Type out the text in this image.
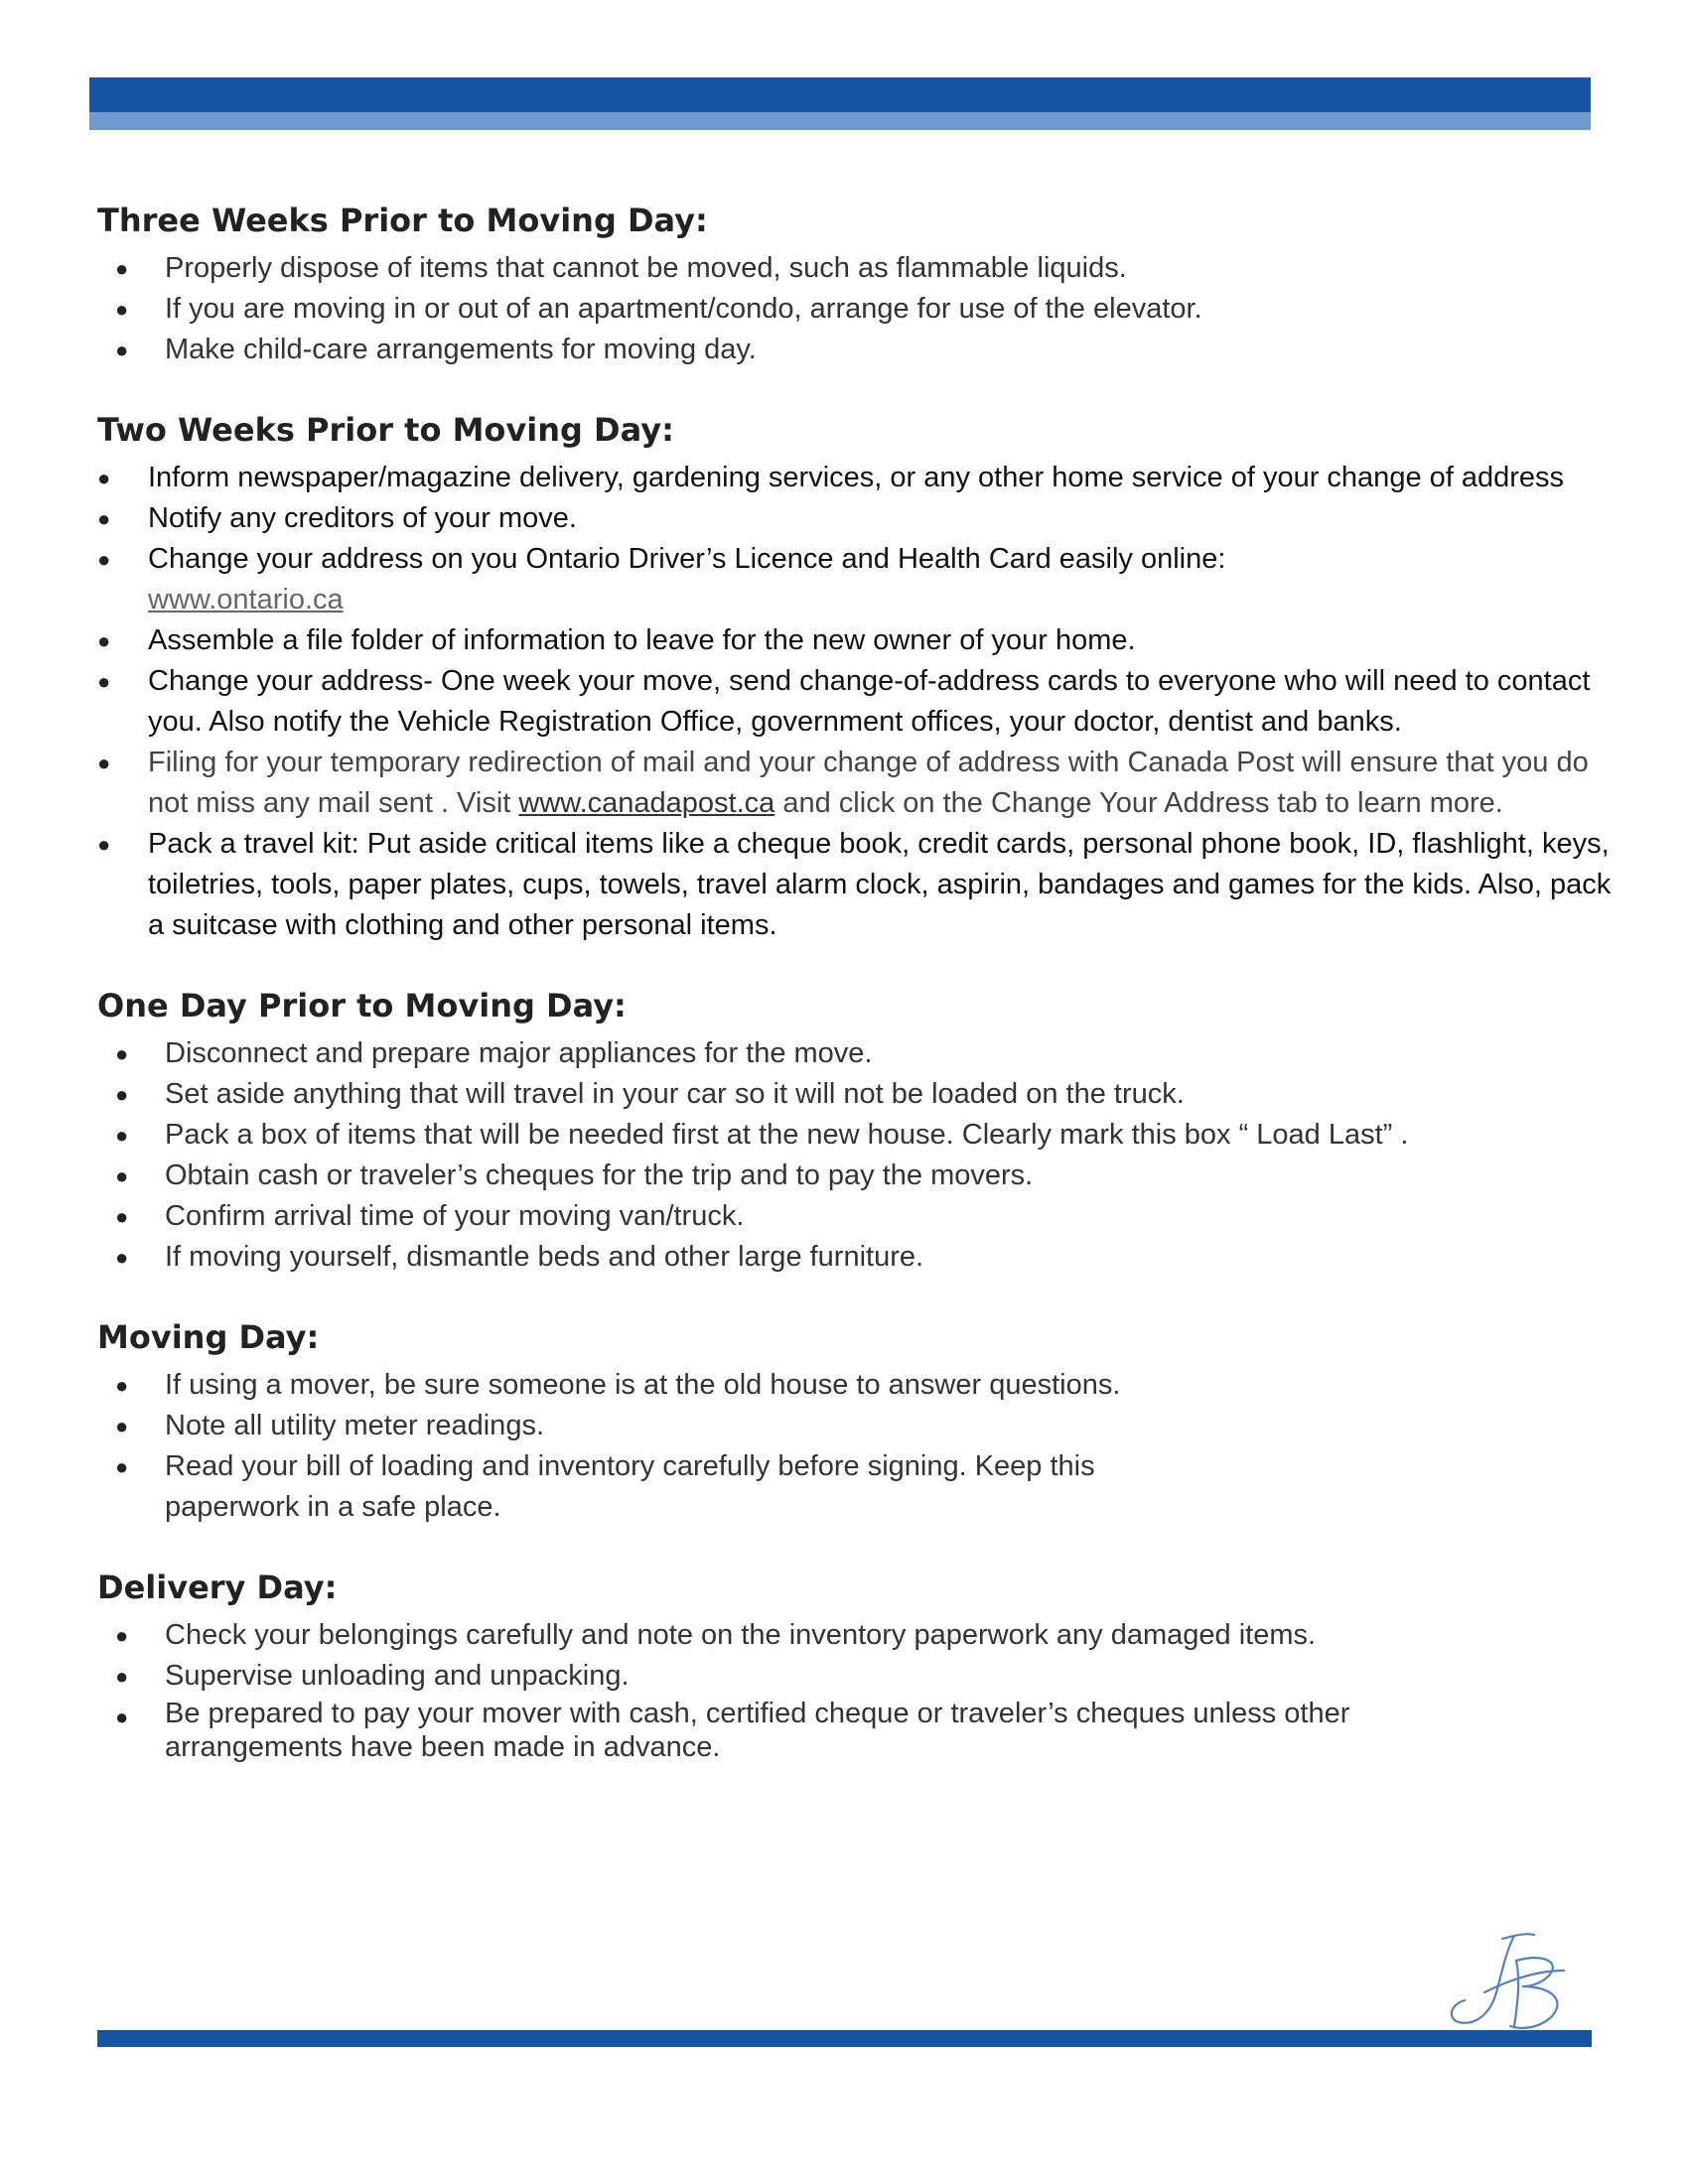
Three Weeks Prior to Moving Day:
● Properly dispose of items that cannot be moved, such as flammable liquids.
● If you are moving in or out of an apartment/condo, arrange for use of the elevator.
● Make child-care arrangements for moving day.
Two Weeks Prior to Moving Day:
● Inform newspaper/magazine delivery, gardening services, or any other home service of your change of address
● Notify any creditors of your move.
● Change your address on you Ontario Driver’s Licence and Health Card easily online:
www.ontario.ca
● Assemble a file folder of information to leave for the new owner of your home.
● Change your address- One week your move, send change-of-address cards to everyone who will need to contact you. Also notify the Vehicle Registration Office, government offices, your doctor, dentist and banks.
● Filing for your temporary redirection of mail and your change of address with Canada Post will ensure that you do not miss any mail sent . Visit www.canadapost.ca and click on the Change Your Address tab to learn more.
● Pack a travel kit: Put aside critical items like a cheque book, credit cards, personal phone book, ID, flashlight, keys, toiletries, tools, paper plates, cups, towels, travel alarm clock, aspirin, bandages and games for the kids. Also, pack a suitcase with clothing and other personal items.
One Day Prior to Moving Day:
● Disconnect and prepare major appliances for the move.
● Set aside anything that will travel in your car so it will not be loaded on the truck.
● Pack a box of items that will be needed first at the new house. Clearly mark this box “ Load Last” .
● Obtain cash or traveler’s cheques for the trip and to pay the movers.
● Confirm arrival time of your moving van/truck.
● If moving yourself, dismantle beds and other large furniture.
Moving Day:
● If using a mover, be sure someone is at the old house to answer questions.
● Note all utility meter readings.
● Read your bill of loading and inventory carefully before signing. Keep this paperwork in a safe place.
Delivery Day:
● Check your belongings carefully and note on the inventory paperwork any damaged items.
● Supervise unloading and unpacking.
● Be prepared to pay your mover with cash, certified cheque or traveler’s cheques unless other arrangements have been made in advance.
